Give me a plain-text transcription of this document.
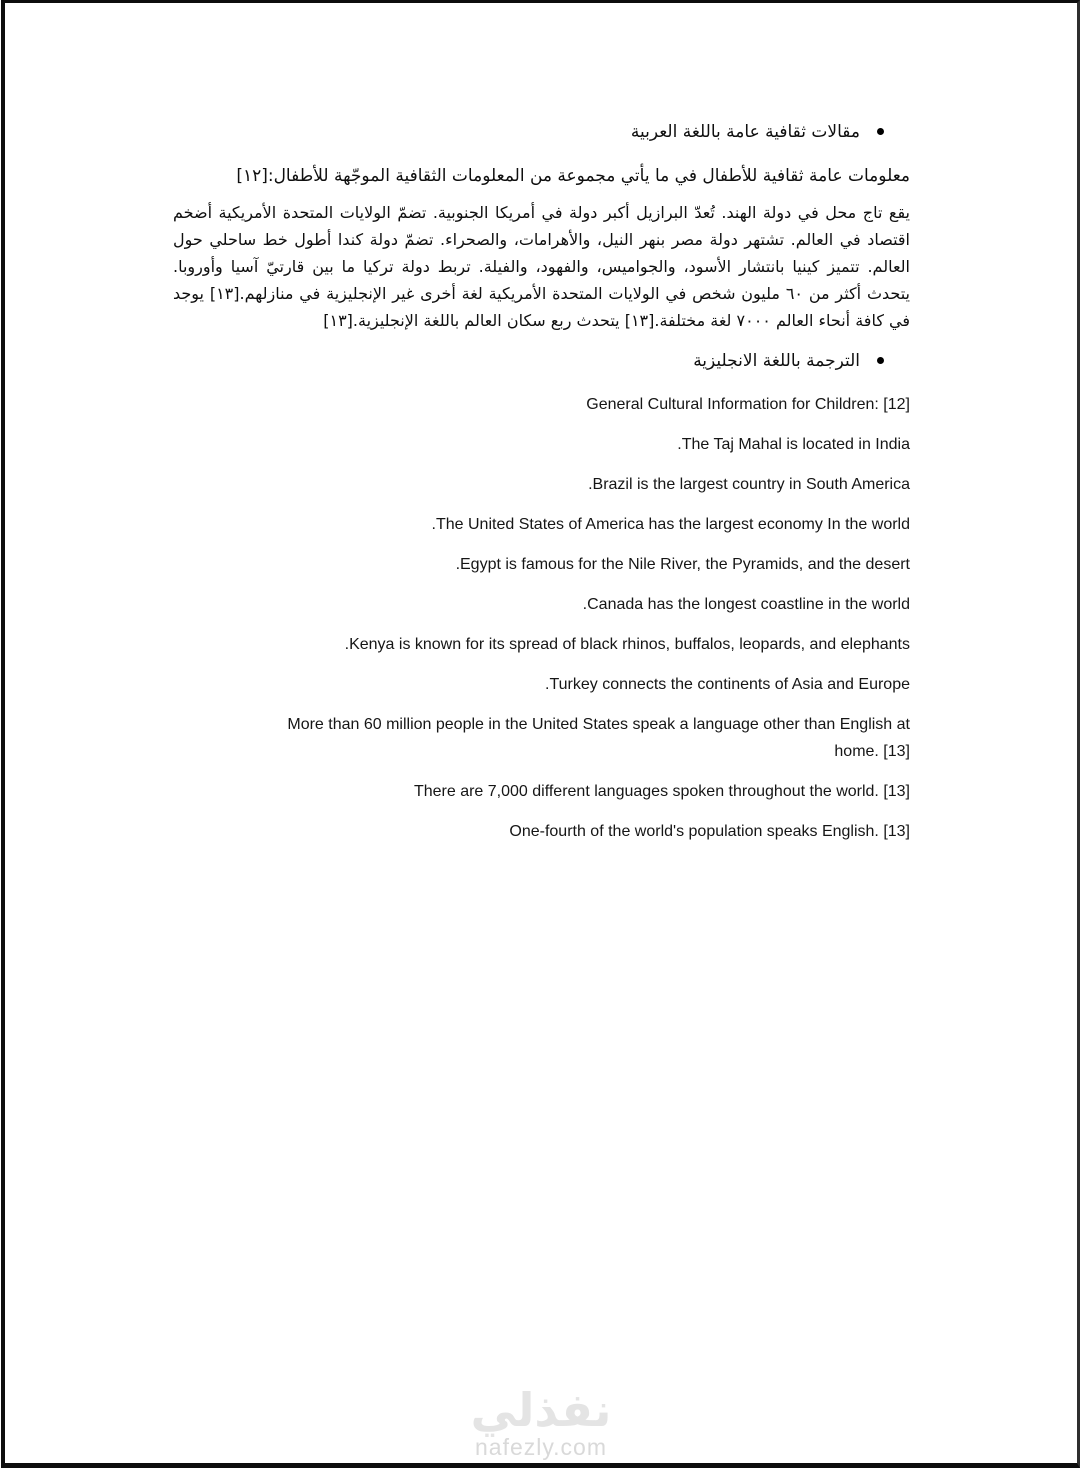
مقالات ثقافية عامة باللغة العربية

معلومات عامة ثقافية للأطفال في ما يأتي مجموعة من المعلومات الثقافية الموجّهة للأطفال:[١٢]

يقع تاج محل في دولة الهند. تُعدّ البرازيل أكبر دولة في أمريكا الجنوبية. تضمّ الولايات المتحدة الأمريكية أضخم اقتصاد في العالم. تشتهر دولة مصر بنهر النيل، والأهرامات، والصحراء. تضمّ دولة كندا أطول خط ساحلي حول العالم. تتميز كينيا بانتشار الأسود، والجواميس، والفهود، والفيلة. تربط دولة تركيا ما بين قارتيّ آسيا وأوروبا. يتحدث أكثر من ٦٠ مليون شخص في الولايات المتحدة الأمريكية لغة أخرى غير الإنجليزية في منازلهم.[١٣] يوجد في كافة أنحاء العالم ٧٠٠٠ لغة مختلفة.[١٣] يتحدث ربع سكان العالم باللغة الإنجليزية.[١٣]

الترجمة باللغة الانجليزية

General Cultural Information for Children: [12]

.The Taj Mahal is located in India

.Brazil is the largest country in South America

.The United States of America has the largest economy In the world

.Egypt is famous for the Nile River, the Pyramids, and the desert

.Canada has the longest coastline in the world

.Kenya is known for its spread of black rhinos, buffalos, leopards, and elephants

.Turkey connects the continents of Asia and Europe

More than 60 million people in the United States speak a language other than English at

home. [13]

There are 7,000 different languages spoken throughout the world. [13]

One-fourth of the world's population speaks English. [13]

نفذلي
nafezly.com
